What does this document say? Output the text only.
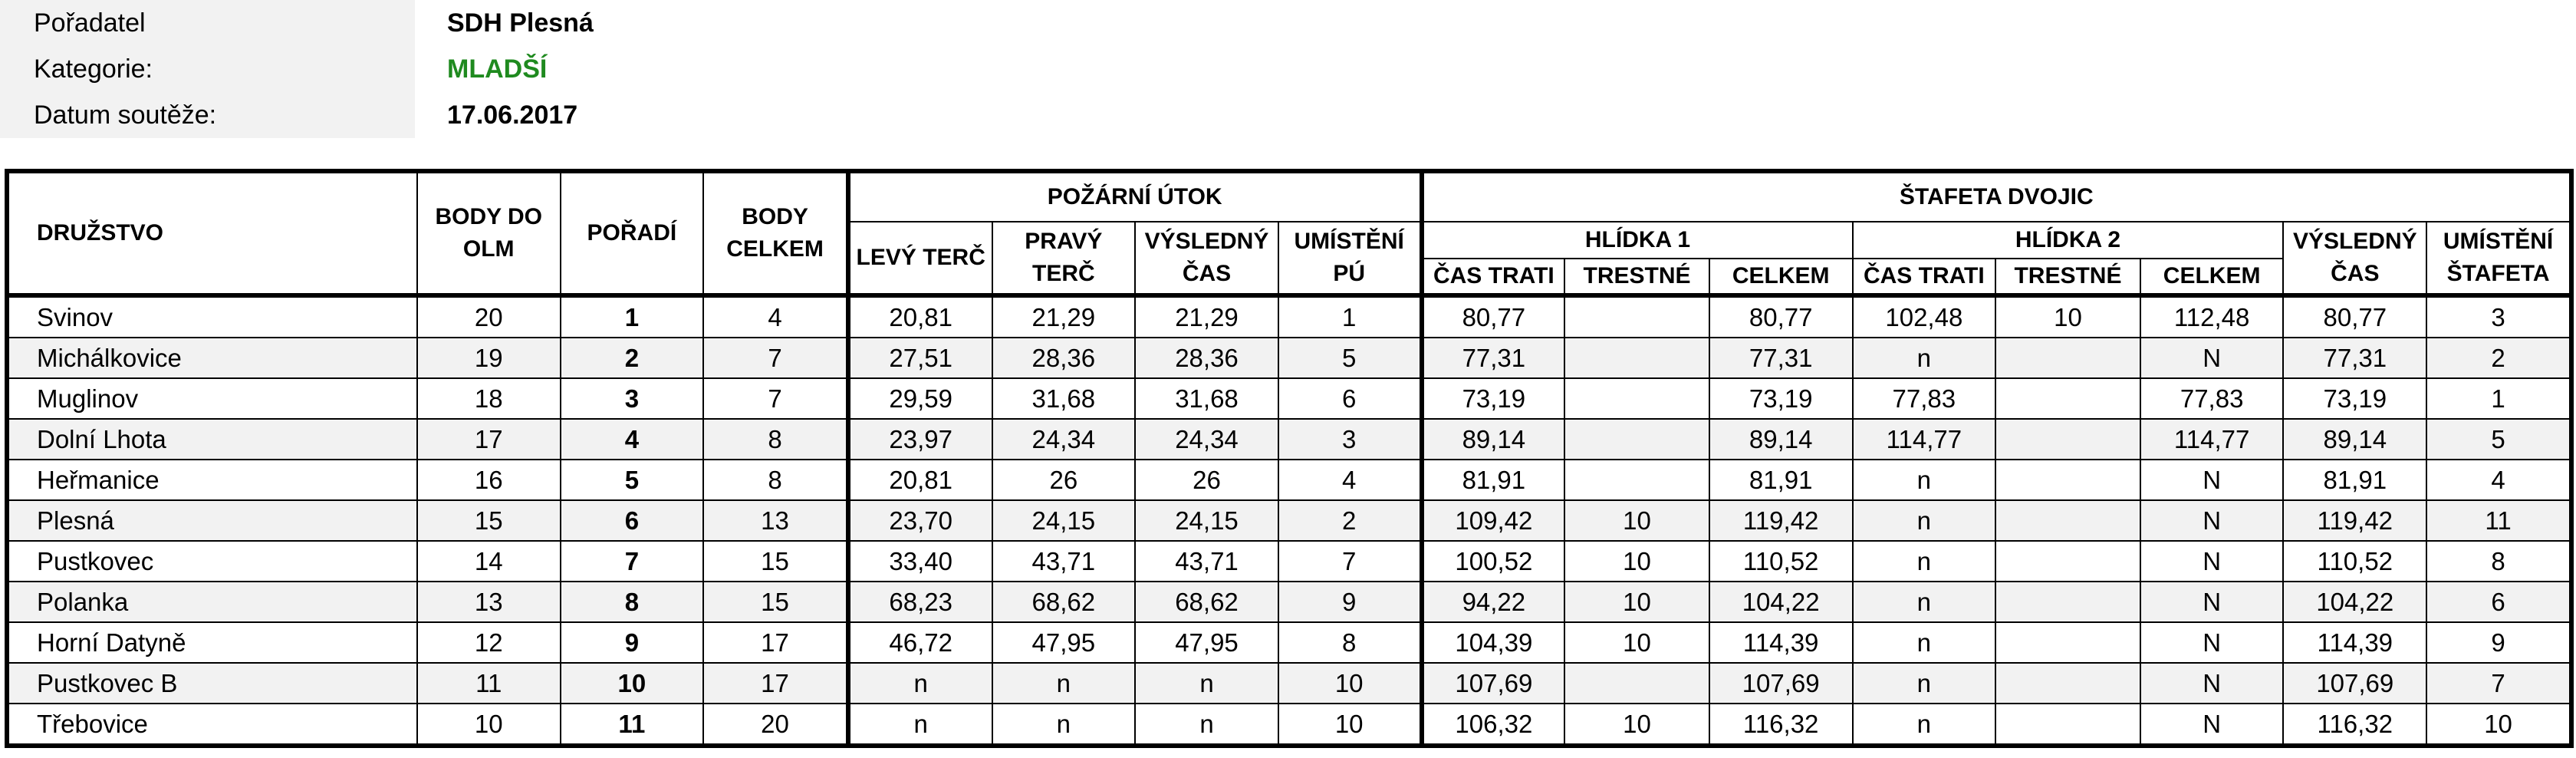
Pořadatel	SDH Plesná
Kategorie:	MLADŠÍ
Datum soutěže:	17.06.2017
DRUŽSTVO	BODY DO OLM	POŘADÍ	BODY CELKEM	POŽÁRNÍ ÚTOK				ŠTAFETA DVOJIC							
				LEVÝ TERČ	PRAVÝ TERČ	VÝSLEDNÝ ČAS	UMÍSTĚNÍ PÚ	HLÍDKA 1			HLÍDKA 2			VÝSLEDNÝ ČAS	UMÍSTĚNÍ ŠTAFETA
								ČAS TRATI	TRESTNÉ	CELKEM	ČAS TRATI	TRESTNÉ	CELKEM		
Svinov	20	1	4	20,81	21,29	21,29	1	80,77		80,77	102,48	10	112,48	80,77	3
Michálkovice	19	2	7	27,51	28,36	28,36	5	77,31		77,31	n		N	77,31	2
Muglinov	18	3	7	29,59	31,68	31,68	6	73,19		73,19	77,83		77,83	73,19	1
Dolní Lhota	17	4	8	23,97	24,34	24,34	3	89,14		89,14	114,77		114,77	89,14	5
Heřmanice	16	5	8	20,81	26	26	4	81,91		81,91	n		N	81,91	4
Plesná	15	6	13	23,70	24,15	24,15	2	109,42	10	119,42	n		N	119,42	11
Pustkovec	14	7	15	33,40	43,71	43,71	7	100,52	10	110,52	n		N	110,52	8
Polanka	13	8	15	68,23	68,62	68,62	9	94,22	10	104,22	n		N	104,22	6
Horní Datyně	12	9	17	46,72	47,95	47,95	8	104,39	10	114,39	n		N	114,39	9
Pustkovec B	11	10	17	n	n	n	10	107,69		107,69	n		N	107,69	7
Třebovice	10	11	20	n	n	n	10	106,32	10	116,32	n		N	116,32	10
